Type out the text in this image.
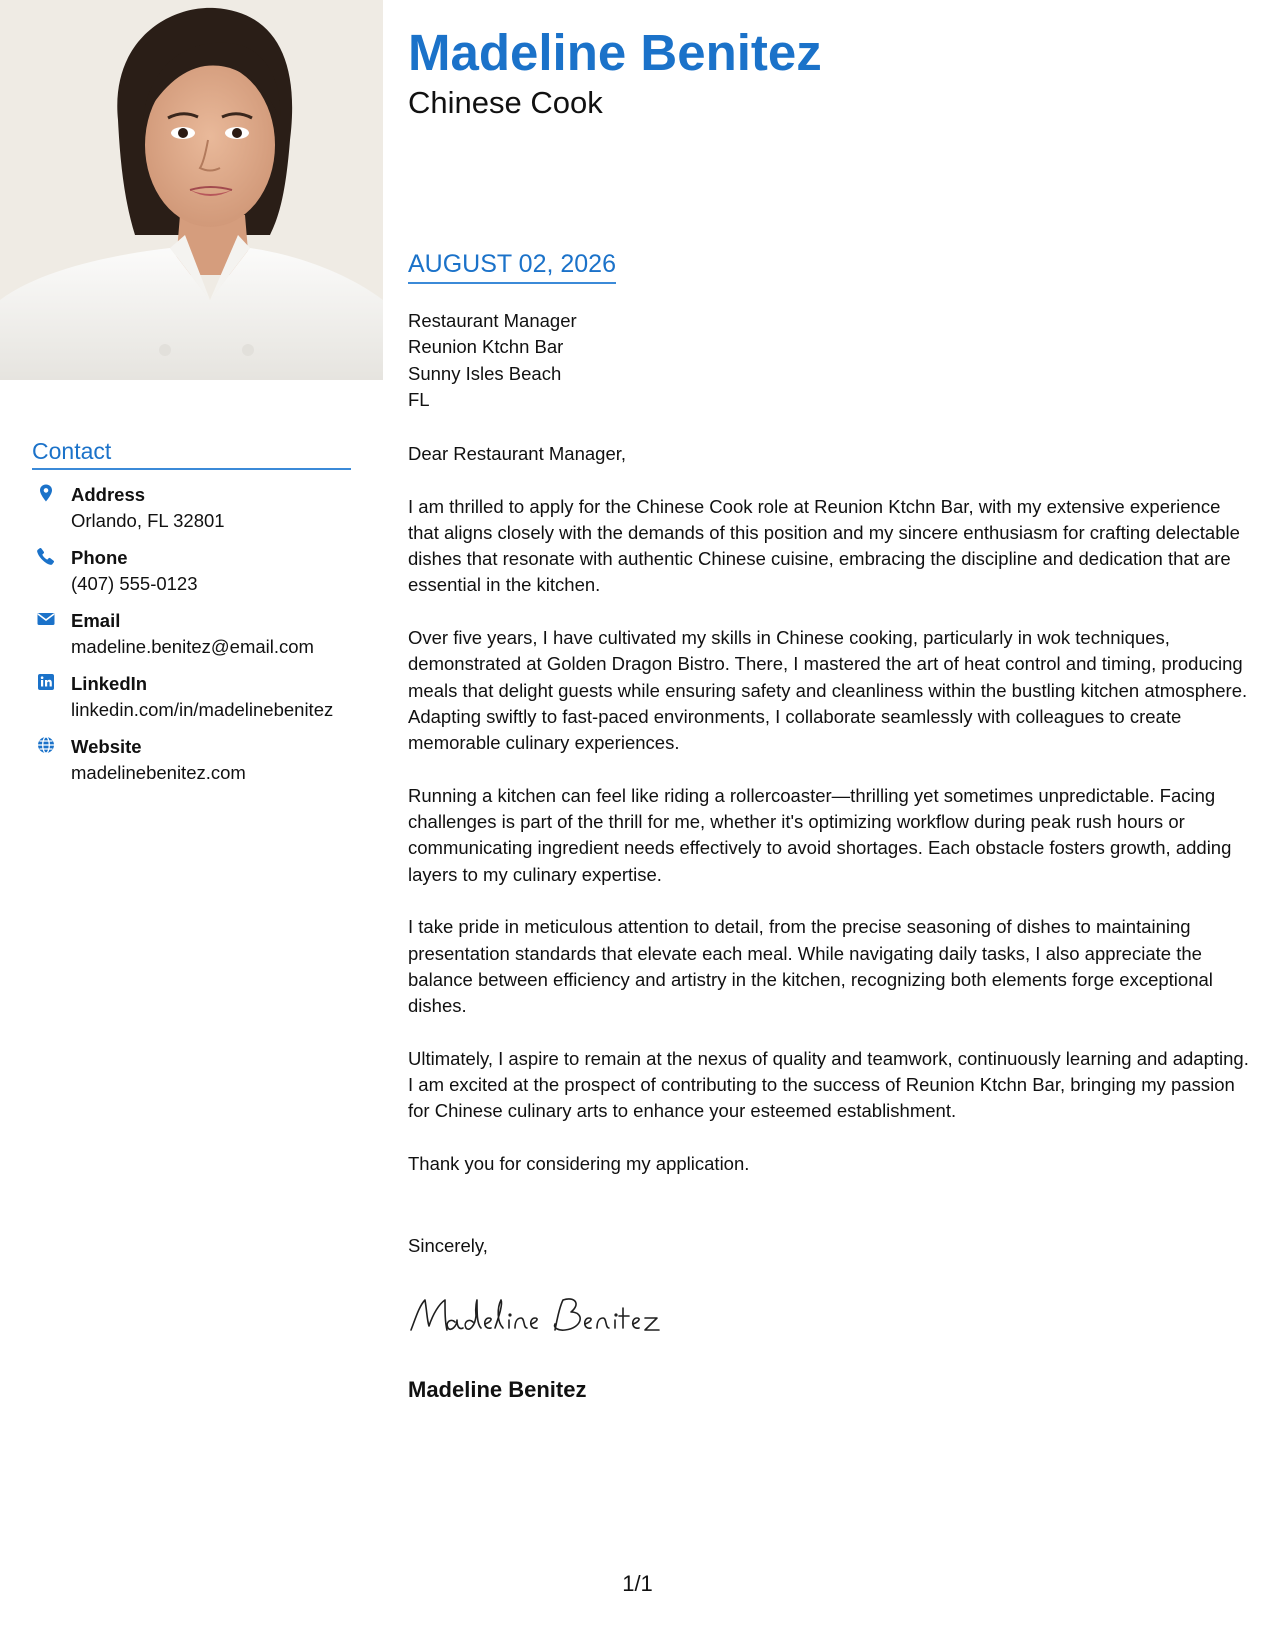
Madeline Benitez
Chinese Cook
Contact
Address
Orlando, FL 32801
Phone
(407) 555-0123
Email
madeline.benitez@email.com
LinkedIn
linkedin.com/in/madelinebenitez
Website
madelinebenitez.com
AUGUST 02, 2026
Restaurant Manager
Reunion Ktchn Bar
Sunny Isles Beach
FL

Dear Restaurant Manager,

I am thrilled to apply for the Chinese Cook role at Reunion Ktchn Bar, with my extensive experience that aligns closely with the demands of this position and my sincere enthusiasm for crafting delectable dishes that resonate with authentic Chinese cuisine, embracing the discipline and dedication that are essential in the kitchen.

Over five years, I have cultivated my skills in Chinese cooking, particularly in wok techniques, demonstrated at Golden Dragon Bistro. There, I mastered the art of heat control and timing, producing meals that delight guests while ensuring safety and cleanliness within the bustling kitchen atmosphere. Adapting swiftly to fast-paced environments, I collaborate seamlessly with colleagues to create memorable culinary experiences.

Running a kitchen can feel like riding a rollercoaster—thrilling yet sometimes unpredictable. Facing challenges is part of the thrill for me, whether it's optimizing workflow during peak rush hours or communicating ingredient needs effectively to avoid shortages. Each obstacle fosters growth, adding layers to my culinary expertise.

I take pride in meticulous attention to detail, from the precise seasoning of dishes to maintaining presentation standards that elevate each meal. While navigating daily tasks, I also appreciate the balance between efficiency and artistry in the kitchen, recognizing both elements forge exceptional dishes.

Ultimately, I aspire to remain at the nexus of quality and teamwork, continuously learning and adapting. I am excited at the prospect of contributing to the success of Reunion Ktchn Bar, bringing my passion for Chinese culinary arts to enhance your esteemed establishment.

Thank you for considering my application.

Sincerely,
Madeline Benitez
1/1
